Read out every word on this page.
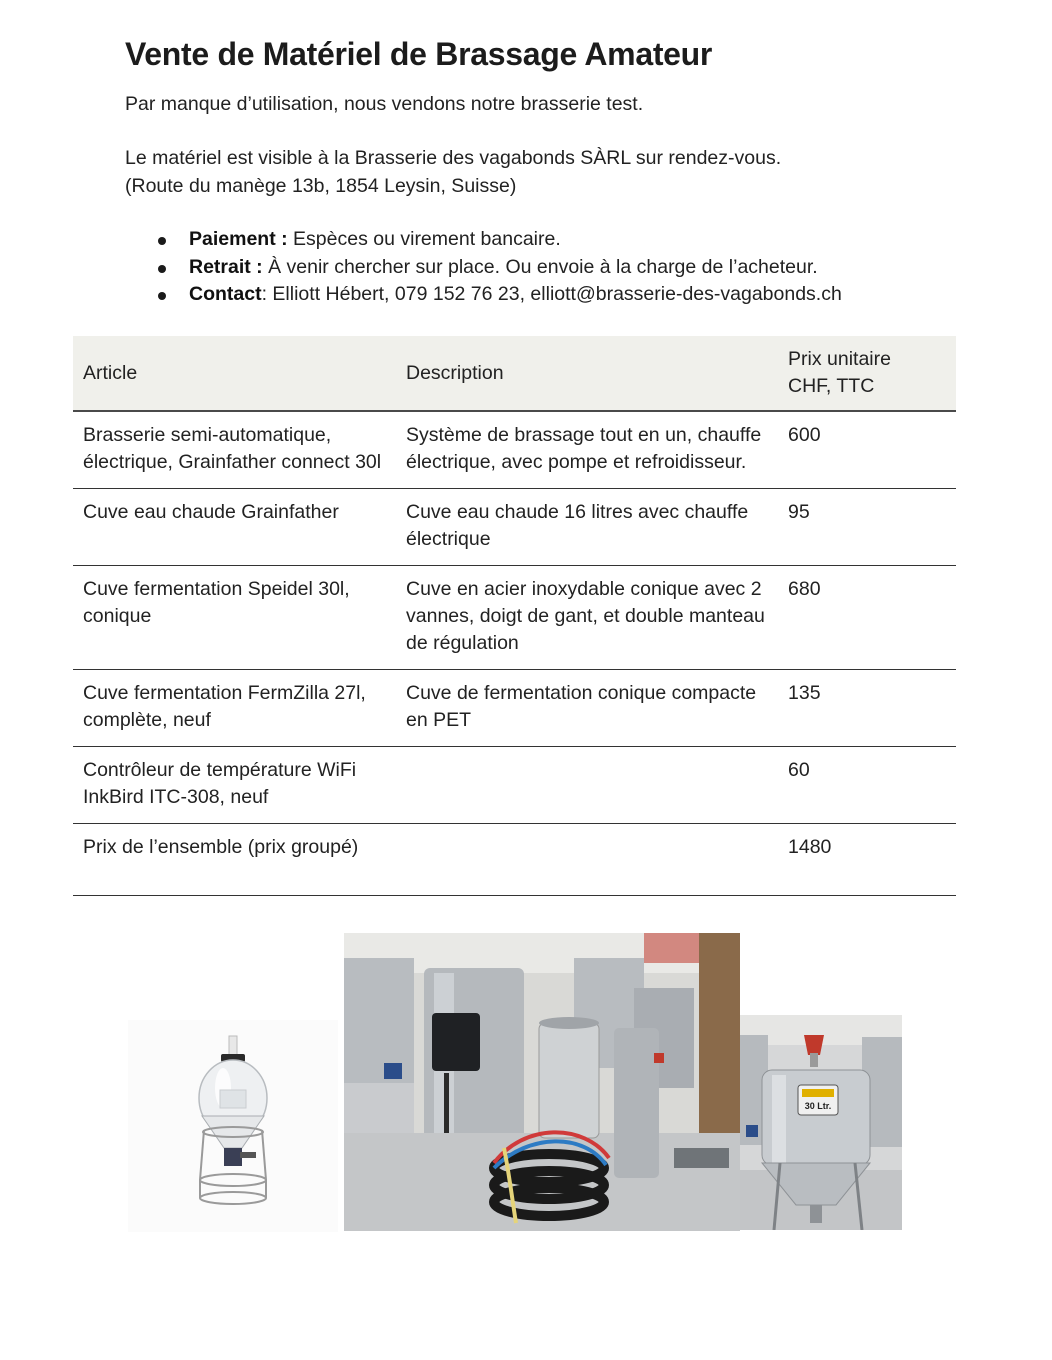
Vente de Matériel de Brassage Amateur
Par manque d’utilisation, nous vendons notre brasserie test.
Le matériel est visible à la Brasserie des vagabonds SÀRL sur rendez-vous.
(Route du manège 13b, 1854 Leysin, Suisse)
Paiement : Espèces ou virement bancaire.
Retrait : À venir chercher sur place. Ou envoie à la charge de l’acheteur.
Contact: Elliott Hébert, 079 152 76 23, elliott@brasserie-des-vagabonds.ch
Article	Description	Prix unitaire
CHF, TTC
Brasserie semi-automatique, électrique, Grainfather connect 30l	Système de brassage tout en un, chauffe électrique, avec pompe et refroidisseur.	600
Cuve eau chaude Grainfather	Cuve eau chaude 16 litres avec chauffe électrique	95
Cuve fermentation Speidel 30l, conique	Cuve en acier inoxydable conique avec 2 vannes, doigt de gant, et double manteau de régulation	680
Cuve fermentation FermZilla 27l, complète, neuf	Cuve de fermentation conique compacte en PET	135
Contrôleur de température WiFi InkBird ITC-308, neuf		60
Prix de l’ensemble (prix groupé)		1480
30 Ltr.
